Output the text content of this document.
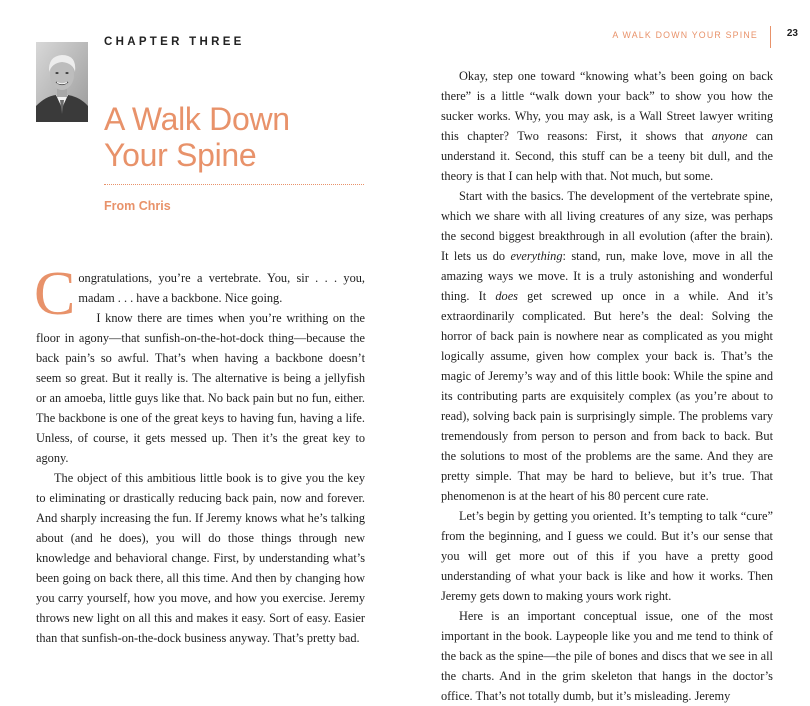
CHAPTER THREE
A Walk Down
Your Spine
From Chris

Congratulations, you’re a vertebrate. You, sir . . . you, madam . . . have a backbone. Nice going.

I know there are times when you’re writhing on the floor in agony—that sunfish-on-the-hot-dock thing—because the back pain’s so awful. That’s when having a backbone doesn’t seem so great. But it really is. The alternative is being a jellyfish or an amoeba, little guys like that. No back pain but no fun, either. The backbone is one of the great keys to having fun, having a life. Unless, of course, it gets messed up. Then it’s the great key to agony.

The object of this ambitious little book is to give you the key to eliminating or drastically reducing back pain, now and forever. And sharply increasing the fun. If Jeremy knows what he’s talking about (and he does), you will do those things through new knowledge and behavioral change. First, by understanding what’s been going on back there, all this time. And then by changing how you carry yourself, how you move, and how you exercise. Jeremy throws new light on all this and makes it easy. Sort of easy. Easier than that sunfish-on-the-dock business anyway. That’s pretty bad.

A WALK DOWN YOUR SPINE	23

Okay, step one toward “knowing what’s been going on back there” is a little “walk down your back” to show you how the sucker works. Why, you may ask, is a Wall Street lawyer writing this chapter? Two reasons: First, it shows that anyone can understand it. Second, this stuff can be a teeny bit dull, and the theory is that I can help with that. Not much, but some.

Start with the basics. The development of the vertebrate spine, which we share with all living creatures of any size, was perhaps the second biggest breakthrough in all evolution (after the brain). It lets us do everything: stand, run, make love, move in all the amazing ways we move. It is a truly astonishing and wonderful thing. It does get screwed up once in a while. And it’s extraordinarily complicated. But here’s the deal: Solving the horror of back pain is nowhere near as complicated as you might logically assume, given how complex your back is. That’s the magic of Jeremy’s way and of this little book: While the spine and its contributing parts are exquisitely complex (as you’re about to read), solving back pain is surprisingly simple. The problems vary tremendously from person to person and from back to back. But the solutions to most of the problems are the same. And they are pretty simple. That may be hard to believe, but it’s true. That phenomenon is at the heart of his 80 percent cure rate.

Let’s begin by getting you oriented. It’s tempting to talk “cure” from the beginning, and I guess we could. But it’s our sense that you will get more out of this if you have a pretty good understanding of what your back is like and how it works. Then Jeremy gets down to making yours work right.

Here is an important conceptual issue, one of the most important in the book. Laypeople like you and me tend to think of the back as the spine—the pile of bones and discs that we see in all the charts. And in the grim skeleton that hangs in the doctor’s office. That’s not totally dumb, but it’s misleading. Jeremy
